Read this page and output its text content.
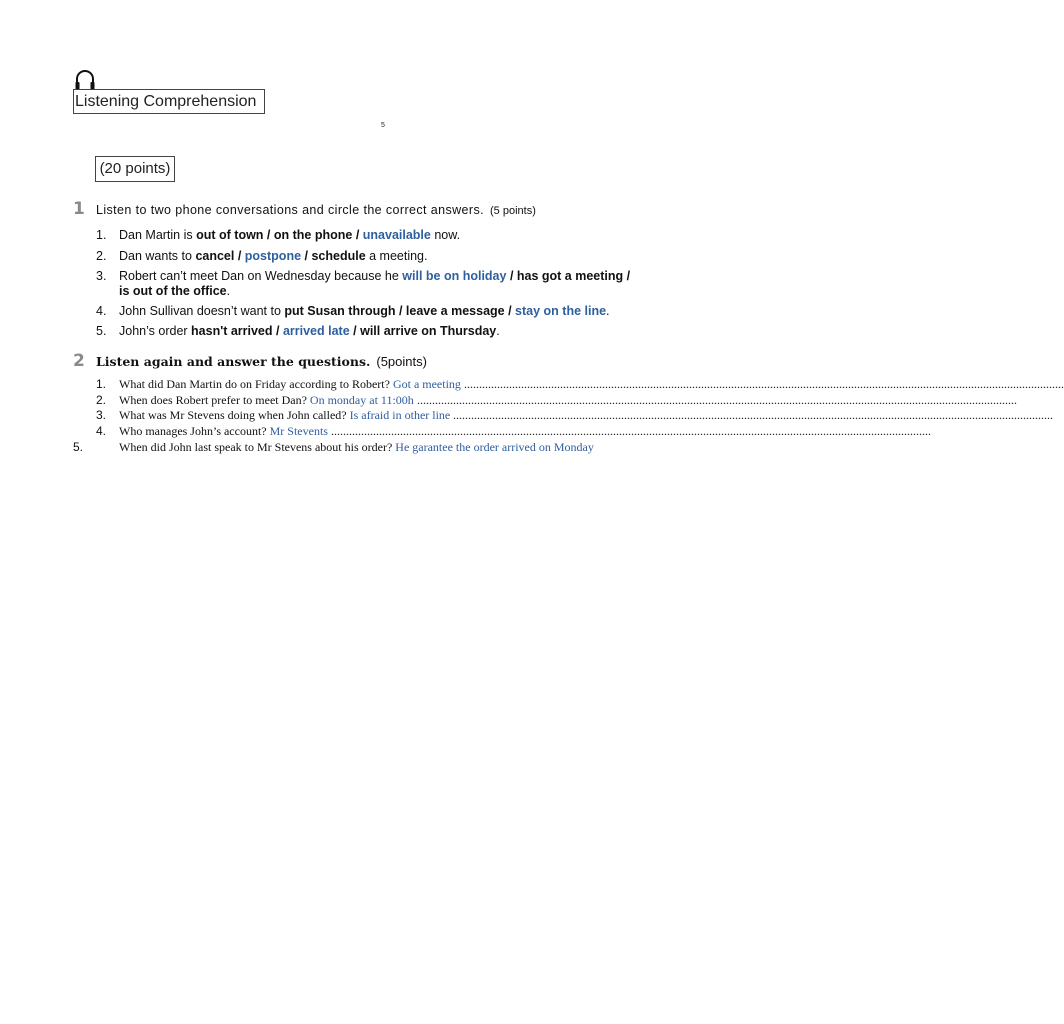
Listening Comprehension
5
(20 points)
1 Listen to two phone conversations and circle the correct answers. (5 points)
1. Dan Martin is out of town / on the phone / unavailable now.
2. Dan wants to cancel / postpone / schedule a meeting.
3. Robert can’t meet Dan on Wednesday because he will be on holiday / has got a meeting /
is out of the office.
4. John Sullivan doesn’t want to put Susan through / leave a message / stay on the line.
5. John’s order hasn't arrived / arrived late / will arrive on Thursday.
2 Listen again and answer the questions. (5points)
1. What did Dan Martin do on Friday according to Robert? Got a meeting ........................................................................................................................................................................................................
2. When does Robert prefer to meet Dan? On monday at 11:00h ........................................................................................................................................................................................................
3. What was Mr Stevens doing when John called? Is afraid in other line ........................................................................................................................................................................................................
4. Who manages John’s account? Mr Stevents ........................................................................................................................................................................................................
5.	When did John last speak to Mr Stevens about his order? He garantee the order arrived on Monday
